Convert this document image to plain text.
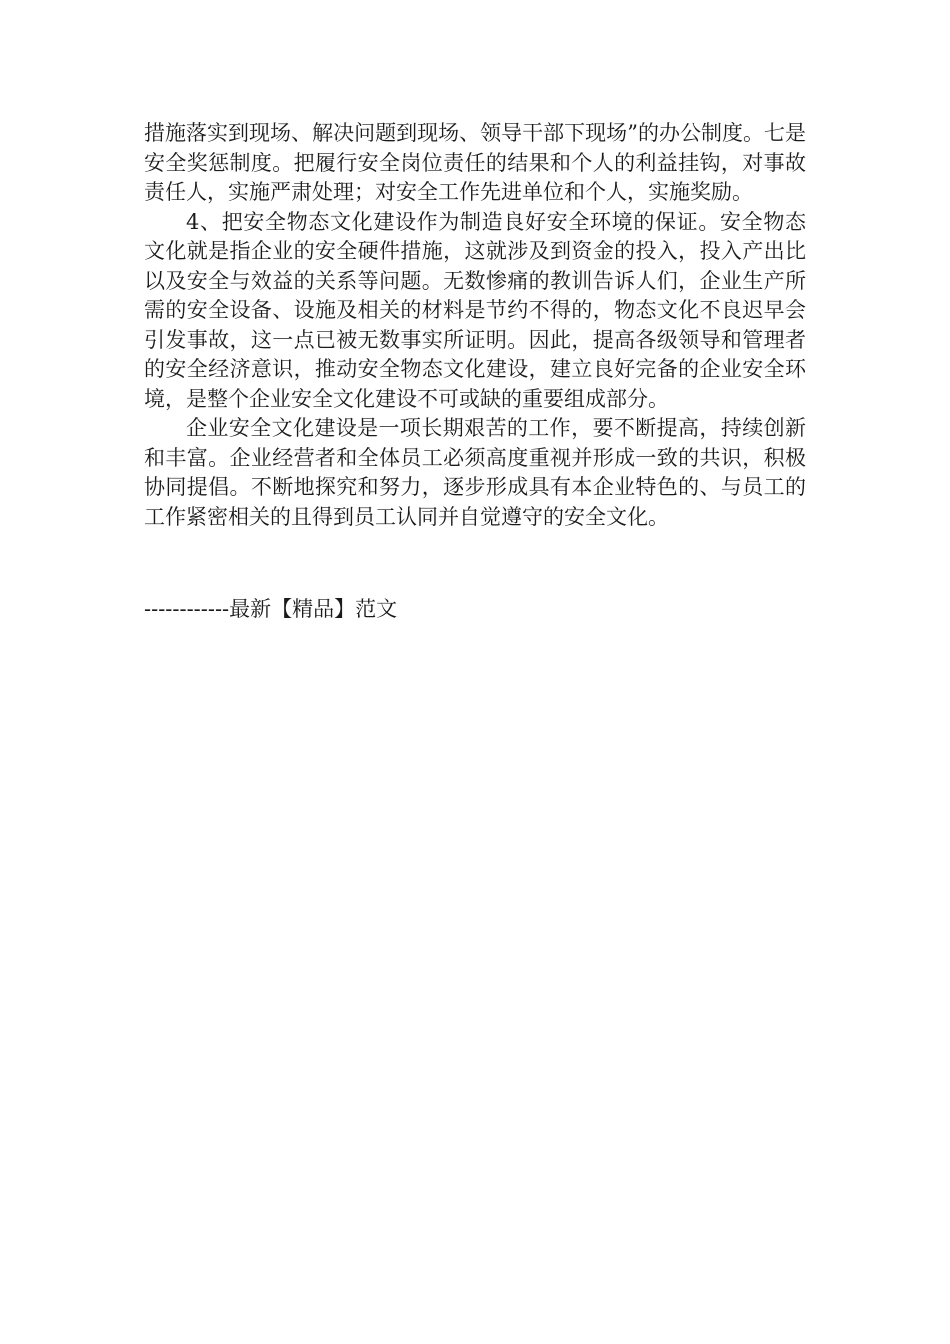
措施落实到现场、解决问题到现场、领导干部下现场”的办公制度。七是安全奖惩制度。把履行安全岗位责任的结果和个人的利益挂钩，对事故责任人，实施严肃处理；对安全工作先进单位和个人，实施奖励。

4、把安全物态文化建设作为制造良好安全环境的保证。安全物态文化就是指企业的安全硬件措施，这就涉及到资金的投入，投入产出比以及安全与效益的关系等问题。无数惨痛的教训告诉人们，企业生产所需的安全设备、设施及相关的材料是节约不得的，物态文化不良迟早会引发事故，这一点已被无数事实所证明。因此，提高各级领导和管理者的安全经济意识，推动安全物态文化建设，建立良好完备的企业安全环境，是整个企业安全文化建设不可或缺的重要组成部分。

企业安全文化建设是一项长期艰苦的工作，要不断提高，持续创新和丰富。企业经营者和全体员工必须高度重视并形成一致的共识，积极协同提倡。不断地探究和努力，逐步形成具有本企业特色的、与员工的工作紧密相关的且得到员工认同并自觉遵守的安全文化。

------------最新【精品】范文
